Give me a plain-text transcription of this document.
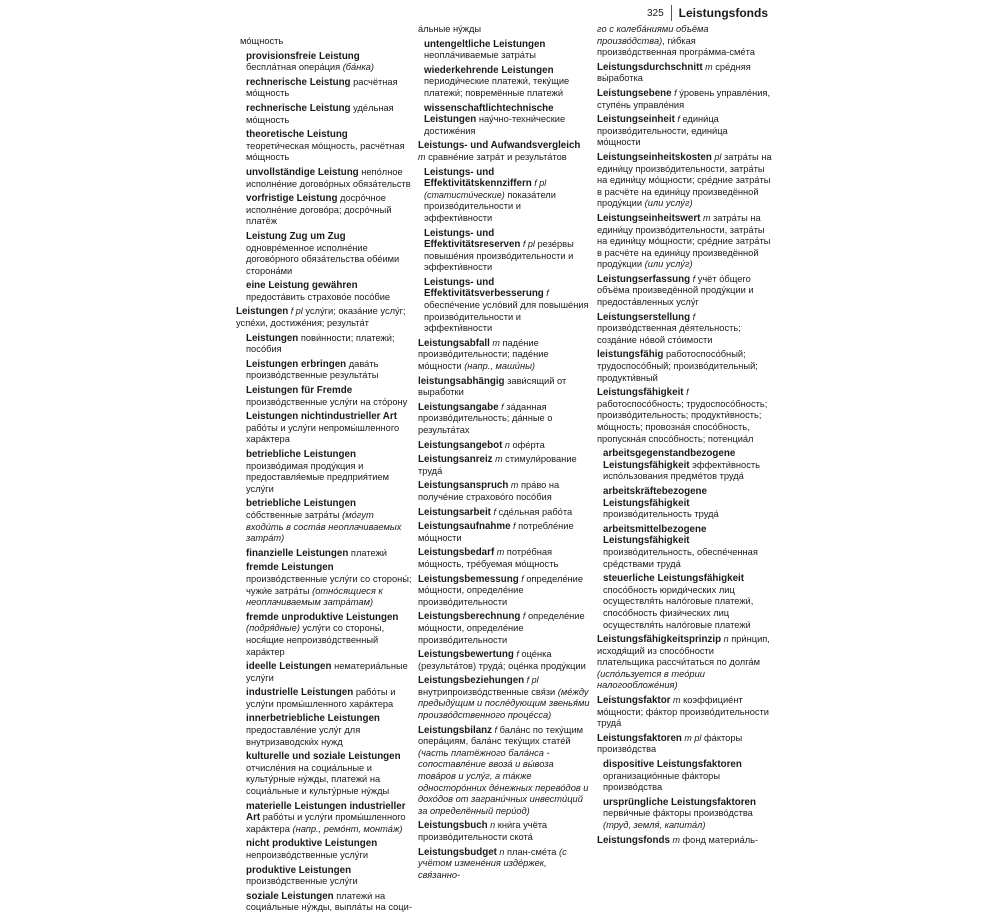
325	Leistungsfonds
мо́щность
provisionsfreie Leistung беспла́тная опера́ция (ба́нка)
rechnerische Leistung расчётная мо́щность
rechnerische Leistung уде́льная мо́щность
theoretische Leistung теорети́ческая мо́щность, расчётная мо́щность
unvollständige Leistung непо́лное исполне́ние догово́рных обяза́тельств
vorfristige Leistung досро́чное исполне́ние догово́ра; досро́чный платёж
Leistung Zug um Zug одновре́менное исполне́ние догово́рного обяза́тельства обе́ими сторона́ми
eine Leistung gewähren предоста́вить страхово́е посо́бие
Leistungen f pl услу́ги; оказа́ние услу́г; успе́хи, достиже́ния; результа́т
Leistungen пови́нности; платежи́; посо́бия
Leistungen erbringen дава́ть произво́дственные результа́ты
Leistungen für Fremde произво́дственные услу́ги на сто́рону
Leistungen nichtindustrieller Art рабо́ты и услу́ги непромы́шленного хара́ктера
betriebliche Leistungen произво́димая проду́кция и предоставля́емые предприя́тием услу́ги
betriebliche Leistungen со́бственные затра́ты (мо́гут входи́ть в соста́в неоплачиваемых затра́т)
finanzielle Leistungen платежи́
fremde Leistungen произво́дственные услу́ги со стороны́; чужи́е затра́ты (отно́сящиеся к неоплачиваемым затра́там)
fremde unproduktive Leistungen (подря́дные) услу́ги со стороны́, нося́щие непроизво́дственный хара́ктер
ideelle Leistungen нематериа́льные услу́ги
industrielle Leistungen рабо́ты и услу́ги промы́шленного хара́ктера
innerbetriebliche Leistungen предоставле́ние услу́г для внутризаводски́х нужд
kulturelle und soziale Leistungen отчисле́ния на социа́льные и культу́рные ну́жды, платежи́ на социа́льные и культу́рные ну́жды
materielle Leistungen industrieller Art рабо́ты и услу́ги промы́шленного хара́ктера (напр., ремо́нт, монта́ж)
nicht produktive Leistungen непроизво́дственные услу́ги
produktive Leistungen произво́дственные услу́ги
soziale Leistungen платежи́ на социа́льные ну́жды, выпла́ты на соци-
а́льные ну́жды
untengeltliche Leistungen неопла́чиваемые затра́ты
wiederkehrende Leistungen периоди́ческие платежи́, теку́щие платежи́; повремённые платежи́
wissenschaftlichtechnische Leistungen нау́чно-техни́ческие достиже́ния
Leistungs- und Aufwandsvergleich m сравне́ние затра́т и результа́тов
Leistungs- und Effektivitätskennziffern f pl (статисти́ческие) показа́тели произво́дительности и эффекти́вности
Leistungs- und Effektivitätsreserven f pl резе́рвы повыше́ния произво́дительности и эффекти́вности
Leistungs- und Effektivitätsverbesserung f обеспе́чение усло́вий для повыше́ния произво́дительности и эффекти́вности
Leistungsabfall m паде́ние произво́дительности; паде́ние мо́щности (напр., маши́ны)
leistungsabhängig зави́сящий от выраб́отки
Leistungsangabe f за́данная произво́дительность; да́нные о результа́тах
Leistungsangebot n офе́рта
Leistungsanreiz m стимули́рование труда́
Leistungsanspruch m пра́во на получе́ние страхово́го посо́бия
Leistungsarbeit f сде́льная рабо́та
Leistungsaufnahme f потребле́ние мо́щности
Leistungsbedarf m потре́бная мо́щность, тре́буемая мо́щность
Leistungsbemessung f определе́ние мо́щности, определе́ние произво́дительности
Leistungsberechnung f определе́ние мо́щности, определе́ние произво́дительности
Leistungsbewertung f оце́нка (результа́тов) труда́; оце́нка проду́кции
Leistungsbeziehungen f pl внутрипроизво́дственные свя́зи (ме́жду предыду́щим и после́дующим звенья́ми произво́дственного проце́сса)
Leistungsbilanz f бала́нс по теку́щим опера́циям, бала́нс теку́щих стате́й (часть платёжного бала́нса - сопоставле́ние ввоза́ и вы́воза това́ров и услу́г, а та́кже односторо́нних де́нежных перево́дов и дохо́дов от заграни́чных инвести́ций за определённый пери́од)
Leistungsbuch n кни́га учёта произво́дительности скота́
Leistungsbudget n план-сме́та (с учётом измене́ния изде́ржек, свя́занно-
го с колеба́ниями объёма произво́дства), ги́бкая произво́дственная програ́мма-сме́та
Leistungsdurchschnitt m сре́дняя вы́работка
Leistungsebene f у́ровень управле́ния, ступе́нь управле́ния
Leistungseinheit f едини́ца произво́дительности, едини́ца мо́щности
Leistungseinheitskosten pl затра́ты на едини́цу произво́дительности, затра́ты на едини́цу мо́щности; сре́дние затра́ты в расчёте на едини́цу произведённой проду́кции (или услу́г)
Leistungseinheitswert m затра́ты на едини́цу произво́дительности, затра́ты на едини́цу мо́щности; сре́дние затра́ты в расчёте на едини́цу произведённой проду́кции (или услу́г)
Leistungserfassung f учёт о́бщего объёма произведённой проду́кции и предоста́вленных услу́г
Leistungserstellung f произво́дственная де́ятельность; созда́ние но́вой сто́имости
leistungsfähig работоспосо́бный; трудоспосо́бный; произво́дительный; продукти́вный
Leistungsfähigkeit f работоспосо́бность; трудоспосо́бность; произво́дительность; продукти́вность; мо́щность; провозна́я спосо́бность, пропускна́я спосо́бность; потенциа́л
arbeitsgegenstandbezogene Leistungsfähigkeit эффекти́вность испо́льзования предме́тов труда́
arbeitskräftebezogene Leistungsfähigkeit произво́дительность труда́
arbeitsmittelbezogene Leistungsfähigkeit произво́дительность, обеспе́ченная сре́дствами труда́
steuerliche Leistungsfähigkeit спосо́бность юриди́ческих лиц осуществля́ть нало́говые платежи́, спосо́бность физи́ческих лиц осуществля́ть нало́говые платежи́
Leistungsfähigkeitsprinzip n при́нцип, исходя́щий из спосо́бности плательщика рассчи́таться по долга́м (испо́льзуется в тео́рии налогообложе́ния)
Leistungsfaktor m коэффицие́нт мо́щности; фа́ктор произво́дительности труда́
Leistungsfaktoren m pl фа́кторы произво́дства
dispositive Leistungsfaktoren организацио́нные фа́кторы произво́дства
ursprüngliche Leistungsfaktoren перви́чные фа́кторы произво́дства (труд, земля́, капита́л)
Leistungsfonds m фонд материа́ль-
